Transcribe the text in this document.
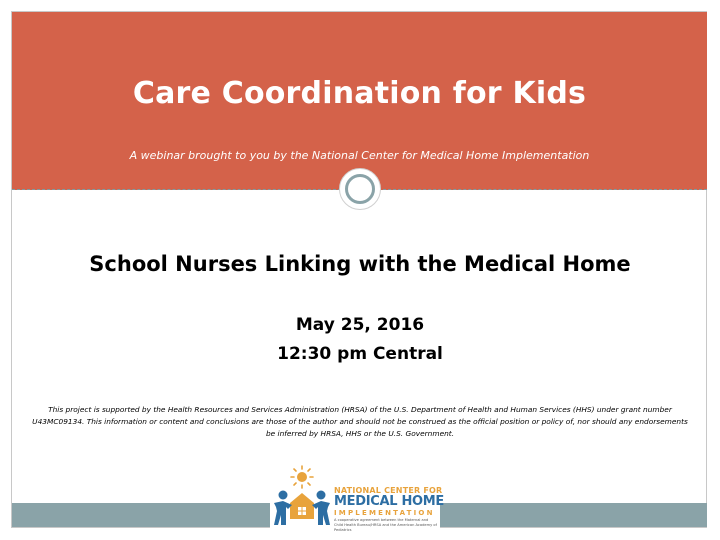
Care Coordination for Kids
A webinar brought to you by the National Center for Medical Home Implementation
School Nurses Linking with the Medical Home
May 25, 2016
12:30 pm Central
This project is supported by the Health Resources and Services Administration (HRSA) of the U.S. Department of Health and Human Services (HHS) under grant number U43MC09134. This information or content and conclusions are those of the author and should not be construed as the official position or policy of, nor should any endorsements be inferred by HRSA, HHS or the U.S. Government.
NATIONAL CENTER FOR
MEDICAL HOME
IMPLEMENTATION
A cooperative agreement between the Maternal and Child Health Bureau/HRSA and the American Academy of Pediatrics
